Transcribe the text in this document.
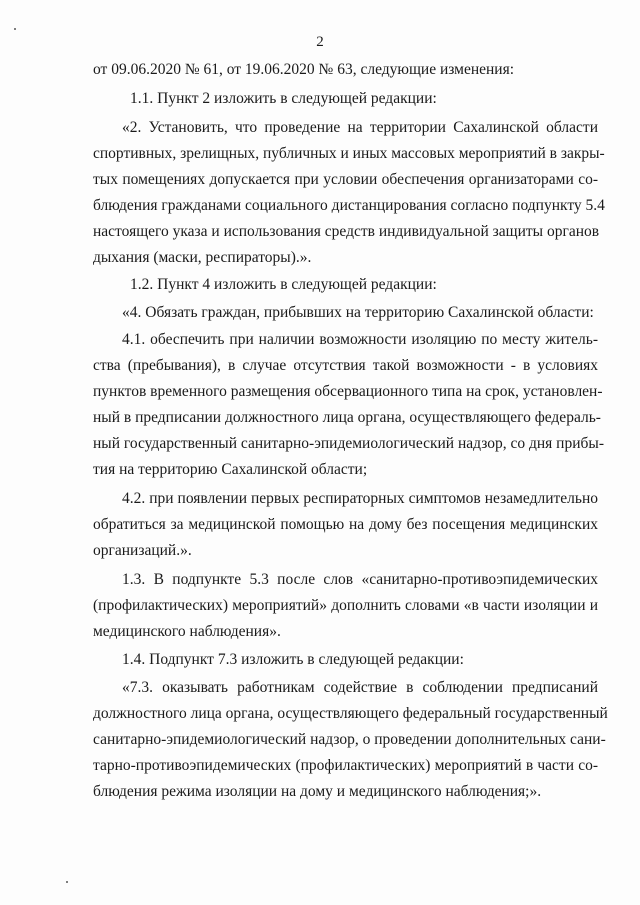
2
от 09.06.2020 № 61, от 19.06.2020 № 63, следующие изменения:
1.1. Пункт 2 изложить в следующей редакции:
«2. Установить, что проведение на территории Сахалинской области
спортивных, зрелищных, публичных и иных массовых мероприятий в закры-
тых помещениях допускается при условии обеспечения организаторами со-
блюдения гражданами социального дистанцирования согласно подпункту 5.4
настоящего указа и использования средств индивидуальной защиты органов
дыхания (маски, респираторы).».
1.2. Пункт 4 изложить в следующей редакции:
«4. Обязать граждан, прибывших на территорию Сахалинской области:
4.1. обеспечить при наличии возможности изоляцию по месту житель-
ства (пребывания), в случае отсутствия такой возможности - в условиях
пунктов временного размещения обсервационного типа на срок, установлен-
ный в предписании должностного лица органа, осуществляющего федераль-
ный государственный санитарно-эпидемиологический надзор, со дня прибы-
тия на территорию Сахалинской области;
4.2. при появлении первых респираторных симптомов незамедлительно
обратиться за медицинской помощью на дому без посещения медицинских
организаций.».
1.3. В подпункте 5.3 после слов «санитарно-противоэпидемических
(профилактических) мероприятий» дополнить словами «в части изоляции и
медицинского наблюдения».
1.4. Подпункт 7.3 изложить в следующей редакции:
«7.3. оказывать работникам содействие в соблюдении предписаний
должностного лица органа, осуществляющего федеральный государственный
санитарно-эпидемиологический надзор, о проведении дополнительных сани-
тарно-противоэпидемических (профилактических) мероприятий в части со-
блюдения режима изоляции на дому и медицинского наблюдения;».
